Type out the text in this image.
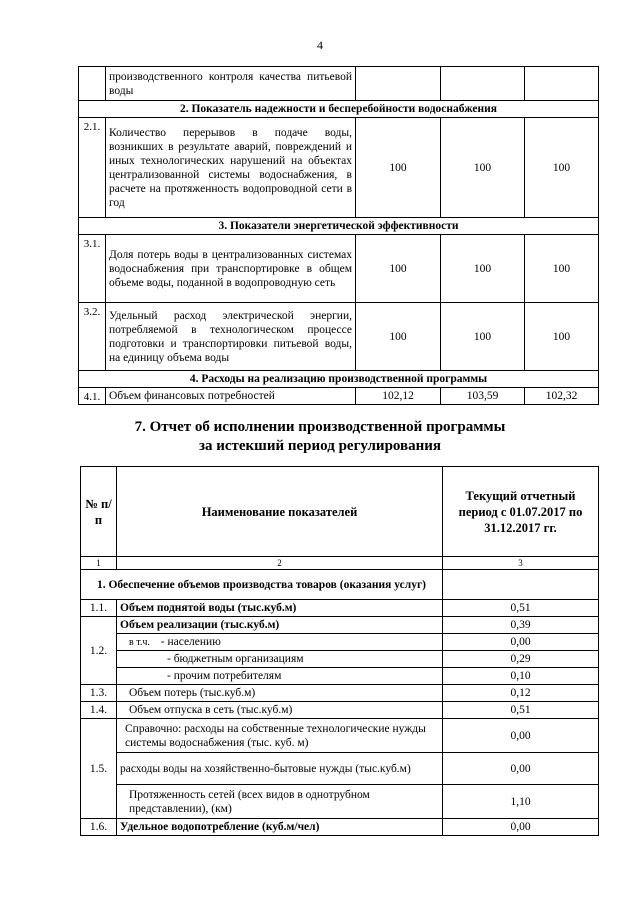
4
	производственного контроля качества питьевой воды			
2. Показатель надежности и бесперебойности водоснабжения				
2.1.	Количество перерывов в подаче воды, возникших в результате аварий, повреждений и иных технологических нарушений на объектах централизованной системы водоснабжения, в расчете на протяженность водопроводной сети в год	100	100	100
3. Показатели энергетической эффективности				
3.1.	Доля потерь воды в централизованных системах водоснабжения при транспортировке в общем объеме воды, поданной в водопроводную сеть	100	100	100
3.2.	Удельный расход электрической энергии, потребляемой в технологическом процессе подготовки и транспортировки питьевой воды, на единицу объема воды	100	100	100
4. Расходы на реализацию производственной программы				
4.1.	Объем финансовых потребностей	102,12	103,59	102,32
7. Отчет об исполнении производственной программы
за истекший период регулирования
№ п/п	Наименование показателей	Текущий отчетный период с 01.07.2017 по 31.12.2017 гг.
1	2	3
1. Обеспечение объемов производства товаров (оказания услуг)		
1.1.	Объем поднятой воды (тыс.куб.м)	0,51
1.2.	Объем реализации (тыс.куб.м)	0,39
	в т.ч. - населению	0,00
	- бюджетным организациям	0,29
	- прочим потребителям	0,10
1.3.	Объем потерь (тыс.куб.м)	0,12
1.4.	Объем отпуска в сеть (тыс.куб.м)	0,51
1.5.	Справочно: расходы на собственные технологические нужды системы водоснабжения (тыс. куб. м)	0,00
	расходы воды на хозяйственно-бытовые нужды (тыс.куб.м)	0,00
	Протяженность сетей (всех видов в однотрубном представлении), (км)	1,10
1.6.	Удельное водопотребление (куб.м/чел)	0,00
